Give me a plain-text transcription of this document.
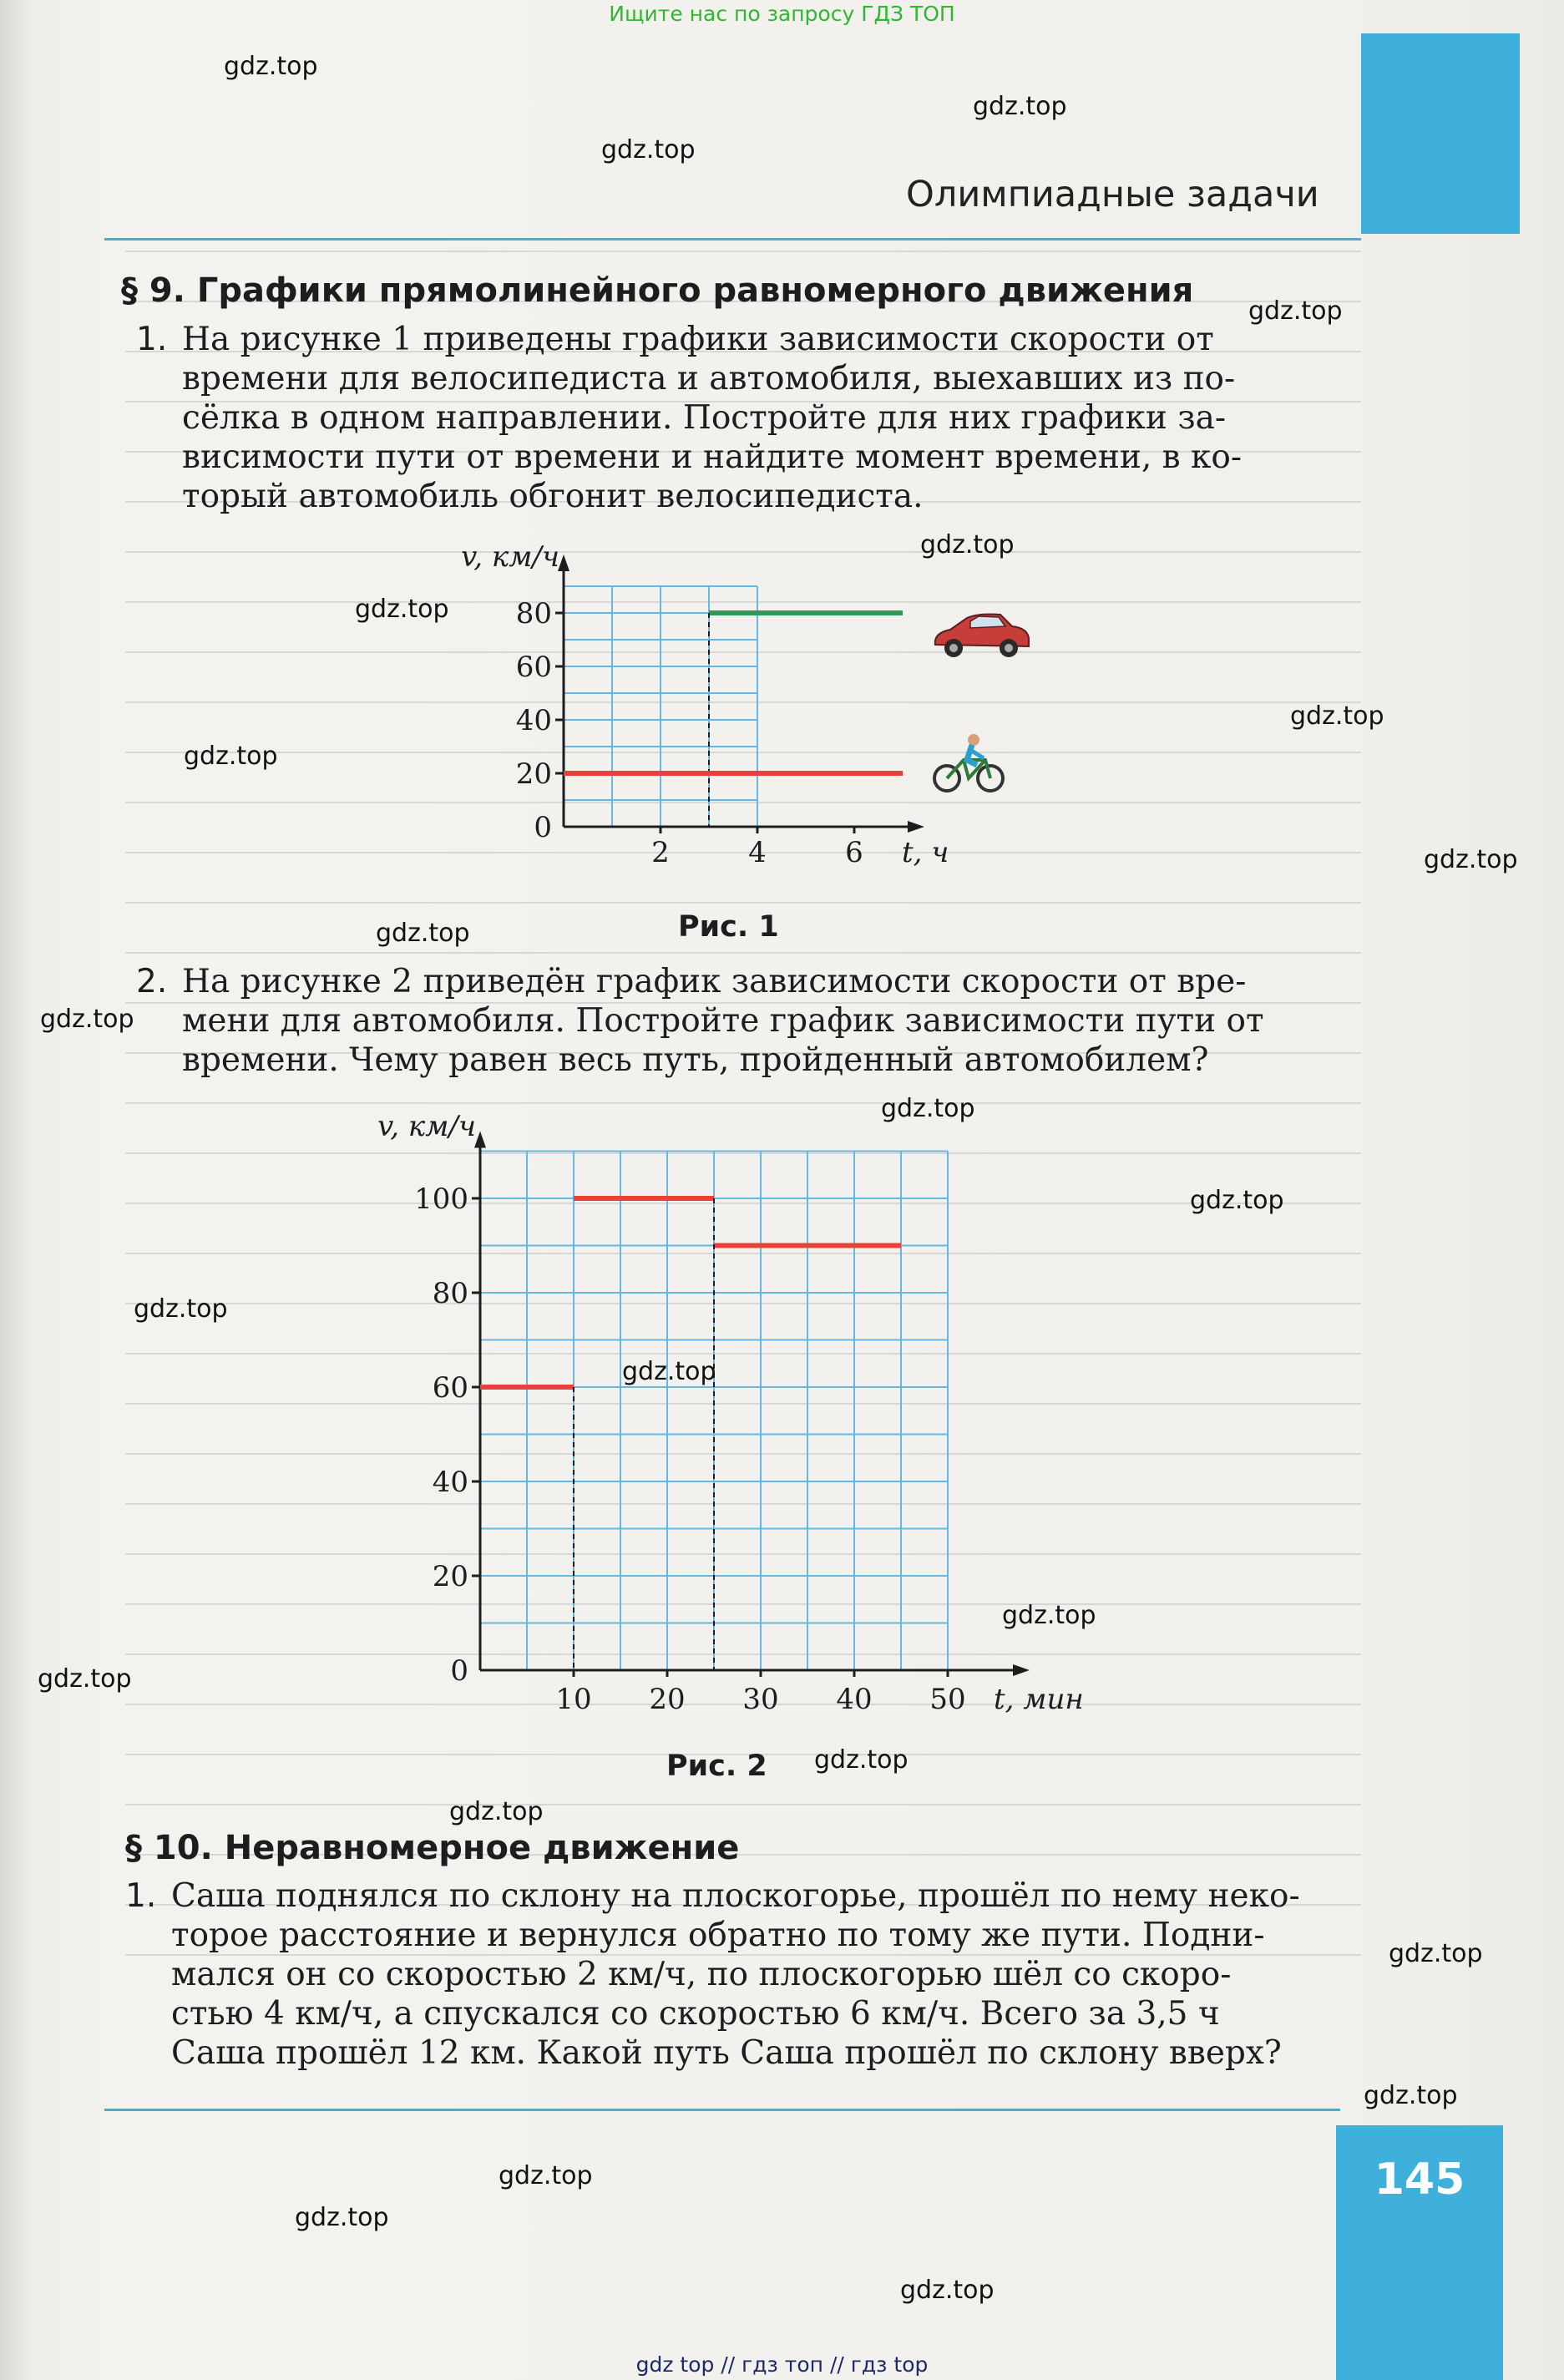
Ищите нас по запросу ГДЗ ТОП
Олимпиадные задачи
§ 9. Графики прямолинейного равномерного движения
1. На рисунке 1 приведены графики зависимости скорости от
времени для велосипедиста и автомобиля, выехавших из по-
сёлка в одном направлении. Постройте для них графики за-
висимости пути от времени и найдите момент времени, в ко-
торый автомобиль обгонит велосипедиста.
2	4	6
20
40
60
80
0
t, ч
v, км/ч
Рис. 1
2. На рисунке 2 приведён график зависимости скорости от вре-
мени для автомобиля. Постройте график зависимости пути от
времени. Чему равен весь путь, пройденный автомобилем?
10 20 30 40 50
20
40
60
80
100
0
t, мин
v, км/ч
Рис. 2
§ 10. Неравномерное движение
1. Саша поднялся по склону на плоскогорье, прошёл по нему неко-
торое расстояние и вернулся обратно по тому же пути. Подни-
мался он со скоростью 2 км/ч, по плоскогорью шёл со скоро-
стью 4 км/ч, а спускался со скоростью 6 км/ч. Всего за 3,5 ч
Саша прошёл 12 км. Какой путь Саша прошёл по склону вверх?
145
gdz.top
gdz.top
gdz.top
gdz.top
gdz.top
gdz.top
gdz.top
gdz.top
gdz.top
gdz.top
gdz.top
gdz.top
gdz.top
gdz.top
gdz.top
gdz.top
gdz.top
gdz.top
gdz.top
gdz.top
gdz.top
gdz.top
gdz.top
gdz.top
gdz top // гдз топ // гдз top
